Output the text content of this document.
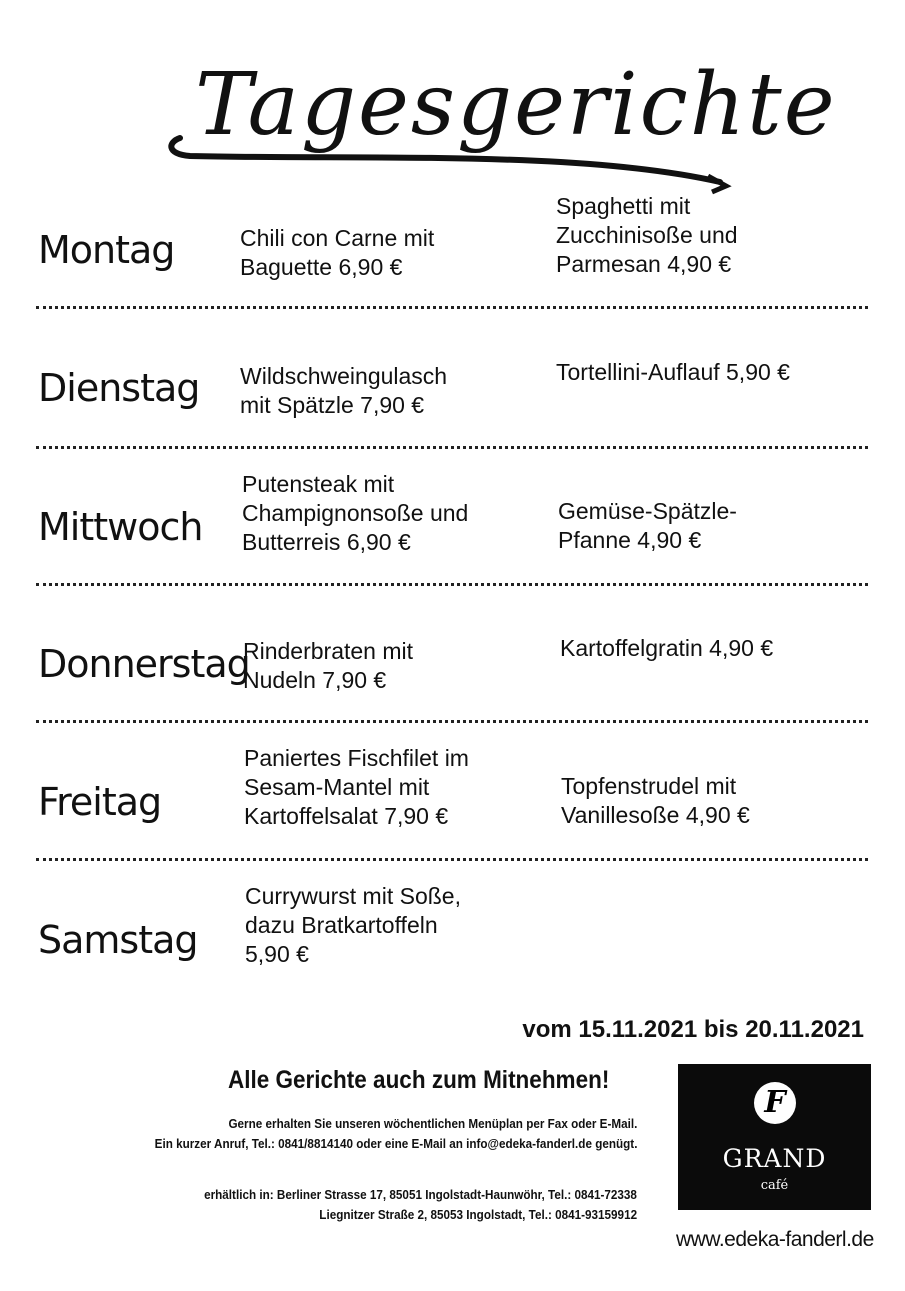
Tagesgerichte
Montag	Chili con Carne mit
Baguette 6,90 €
Spaghetti mit
Zucchinisoße und
Parmesan 4,90 €
Dienstag Wildschweingulasch
mit Spätzle 7,90 €
Tortellini-Auflauf 5,90 €
Mittwoch
Putensteak mit
Champignonsoße und
Butterreis 6,90 €
Gemüse-Spätzle-
Pfanne 4,90 €
Donnerstag
Rinderbraten mit
Nudeln 7,90 €
Kartoffelgratin 4,90 €
Freitag
Paniertes Fischfilet im
Sesam-Mantel mit
Kartoffelsalat 7,90 €
Topfenstrudel mit
Vanillesoße 4,90 €
Samstag
Currywurst mit Soße,
dazu Bratkartoffeln
5,90 €
vom 15.11.2021 bis 20.11.2021
Alle Gerichte auch zum Mitnehmen!
Gerne erhalten Sie unseren wöchentlichen Menüplan per Fax oder E-Mail.
Ein kurzer Anruf, Tel.: 0841/8814140 oder eine E-Mail an info@edeka-fanderl.de genügt.
erhältlich in: Berliner Strasse 17, 85051 Ingolstadt-Haunwöhr, Tel.: 0841-72338
Liegnitzer Straße 2, 85053 Ingolstadt, Tel.: 0841-93159912
F
GRAND
café
www.edeka-fanderl.de
